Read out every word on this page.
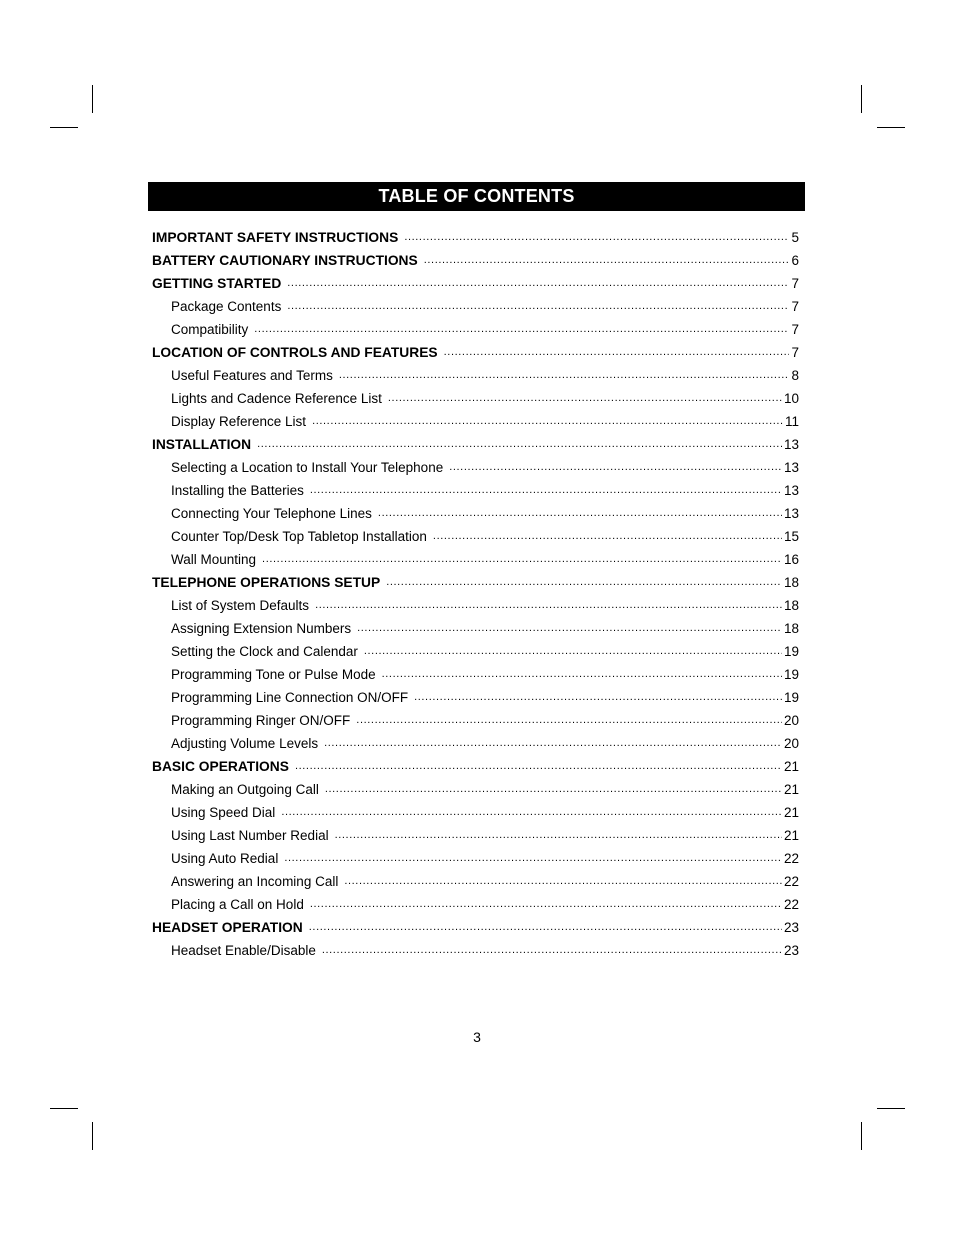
TABLE OF CONTENTS
IMPORTANT SAFETY INSTRUCTIONS .....	5
BATTERY CAUTIONARY INSTRUCTIONS .....	6
GETTING STARTED .....	7
Package Contents .....	7
Compatibility .....	7
LOCATION OF CONTROLS AND FEATURES .....	7
Useful Features and Terms .....	8
Lights and Cadence Reference List .....	10
Display Reference List .....	11
INSTALLATION .....	13
Selecting a Location to Install Your Telephone .....	13
Installing the Batteries .....	13
Connecting Your Telephone Lines .....	13
Counter Top/Desk Top Tabletop Installation .....	15
Wall Mounting .....	16
TELEPHONE OPERATIONS SETUP .....	18
List of System Defaults .....	18
Assigning Extension Numbers .....	18
Setting the Clock and Calendar .....	19
Programming Tone or Pulse Mode .....	19
Programming Line Connection ON/OFF .....	19
Programming Ringer ON/OFF .....	20
Adjusting Volume Levels .....	20
BASIC OPERATIONS .....	21
Making an Outgoing Call .....	21
Using Speed Dial .....	21
Using Last Number Redial .....	21
Using Auto Redial .....	22
Answering an Incoming Call .....	22
Placing a Call on Hold .....	22
HEADSET OPERATION .....	23
Headset Enable/Disable .....	23
3
